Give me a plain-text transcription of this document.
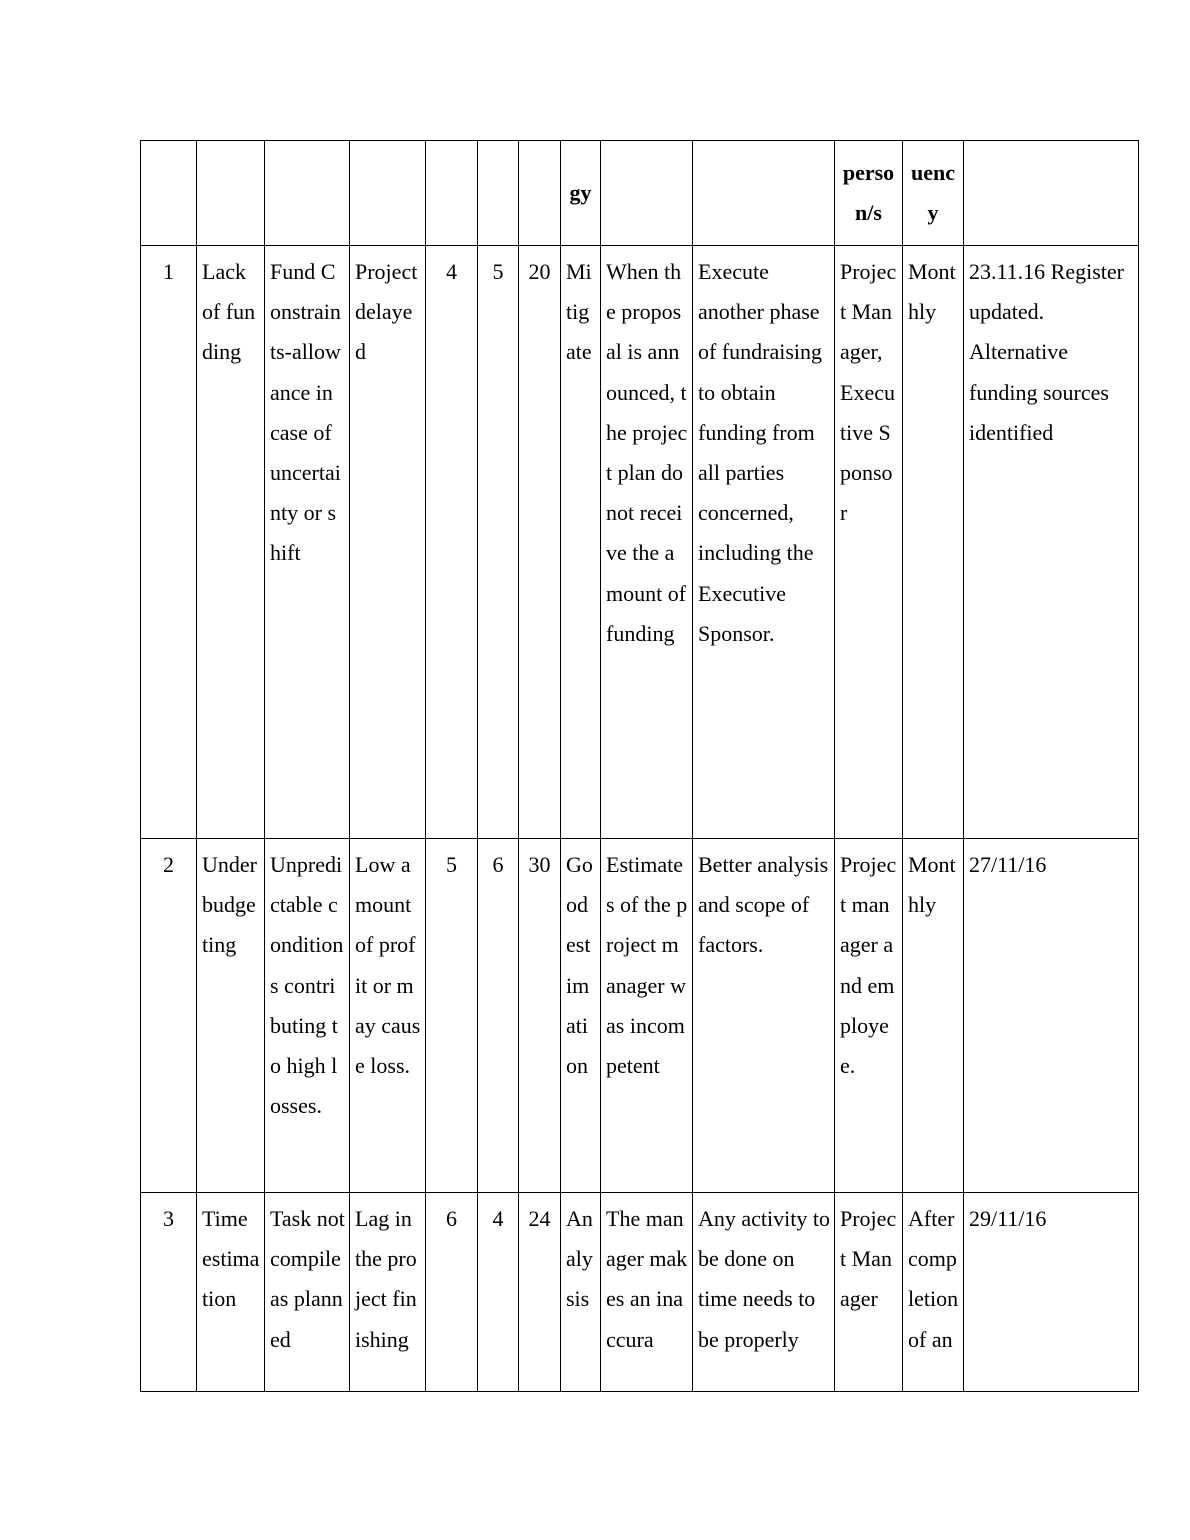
							gy			perso n/s	uenc y	
1	Lack of funding	Fund Constraints-allowance in case of uncertainty or shift	Project delayed	4	5	20	Mitigate	When the proposal is announced, the project plan do not receive the amount of funding	Execute another phase of fundraising to obtain funding from all parties concerned, including the Executive Sponsor.	Project Manager, Executive Sponsor	Monthly	23.11.16 Register updated. Alternative funding sources identified
2	Under budgeting	Unpredictable conditions contributing to high losses.	Low amount of profit or may cause loss.	5	6	30	Good estimation	Estimates of the project manager was incompetent	Better analysis and scope of factors.	Project manager and employee.	Monthly	27/11/16
3	Time estimation	Task not compile as planned	Lag in the project finishing	6	4	24	Analysis	The manager makes an inaccura	Any activity to be done on time needs to be properly	Project Manager	After completion of an	29/11/16
